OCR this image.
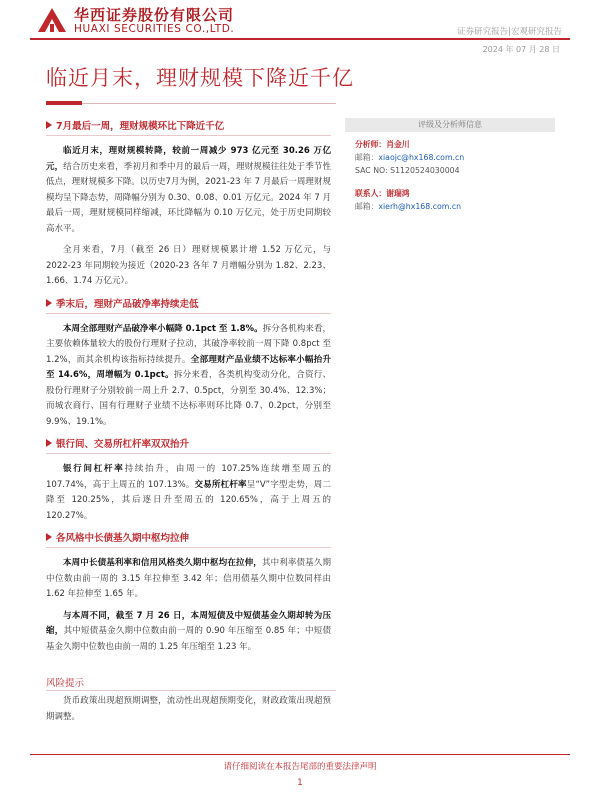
华西证券股份有限公司
HUAXI SECURITIES CO.,LTD.	证券研究报告|宏观研究报告
2024 年 07 月 28 日
临近月末，理财规模下降近千亿
7月最后一周，理财规模环比下降近千亿

临近月末，理财规模转降，较前一周减少 973 亿元至 30.26 万亿元，结合历史来看，季初月和季中月的最后一周，理财规模往往处于季节性低点，理财规模多下降。以历史7月为例，2021-23 年 7 月最后一周理财规模均呈下降态势，周降幅分别为 0.30、0.08、0.01 万亿元。2024 年 7 月最后一周，理财规模同样缩减，环比降幅为 0.10 万亿元，处于历史同期较高水平。

全月来看，7月（截至 26 日）理财规模累计增 1.52 万亿元，与 2022-23 年同期较为接近（2020-23 各年 7 月增幅分别为 1.82、2.23、1.66、1.74 万亿元）。

季末后，理财产品破净率持续走低

本周全部理财产品破净率小幅降 0.1pct 至 1.8%。拆分各机构来看，主要依赖体量较大的股份行理财子拉动，其破净率较前一周下降 0.8pct 至 1.2%，而其余机构该指标持续提升。全部理财产品业绩不达标率小幅抬升至 14.6%，周增幅为 0.1pct。拆分来看，各类机构变动分化，合资行、股份行理财子分别较前一周上升 2.7、0.5pct，分别至 30.4%、12.3%；而城农商行、国有行理财子业绩不达标率则环比降 0.7、0.2pct，分别至 9.9%、19.1%。

银行间、交易所杠杆率双双抬升

银行间杠杆率持续抬升，由周一的 107.25%连续增至周五的 107.74%，高于上周五的 107.13%。交易所杠杆率呈“V”字型走势，周二降至 120.25%，其后逐日升至周五的 120.65%，高于上周五的 120.27%。

各风格中长债基久期中枢均拉伸

本周中长债基利率和信用风格类久期中枢均在拉伸，其中利率债基久期中位数由前一周的 3.15 年拉伸至 3.42 年；信用债基久期中位数同样由 1.62 年拉伸至 1.65 年。

与本周不同，截至 7 月 26 日，本周短债及中短债基金久期却转为压缩，其中短债基金久期中位数由前一周的 0.90 年压缩至 0.85 年；中短债基金久期中位数也由前一周的 1.25 年压缩至 1.23 年。

评级及分析师信息
分析师：肖金川
邮箱：xiaojc@hx168.com.cn
SAC NO: S1120524030004
联系人：谢瑞鸿
邮箱：xierh@hx168.com.cn
风险提示

货币政策出现超预期调整，流动性出现超预期变化，财政政策出现超预期调整。

请仔细阅读在本报告尾部的重要法律声明
1
